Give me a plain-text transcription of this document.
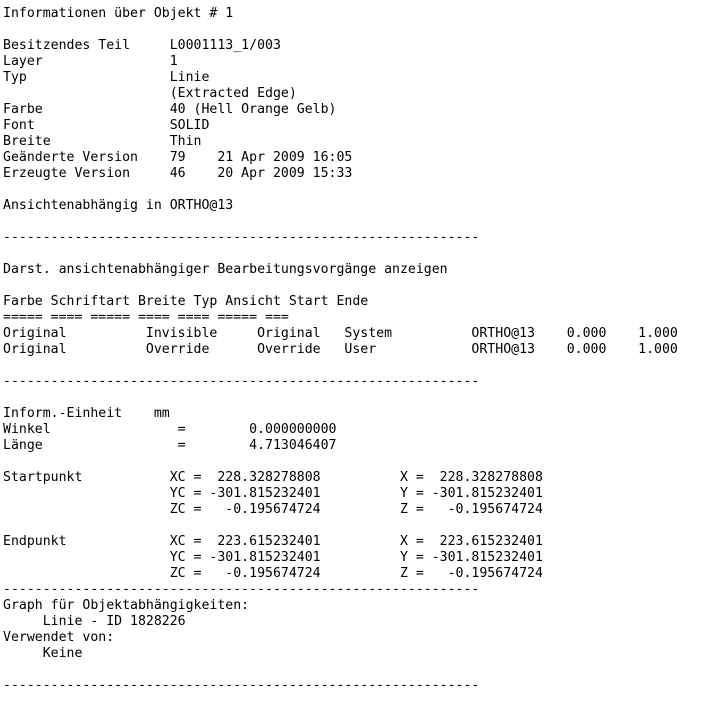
Informationen über Objekt # 1
Besitzendes Teil     L0001113_1/003
Layer                1
Typ                  Linie
(Extracted Edge)
Farbe                40 (Hell Orange Gelb)
Font                 SOLID
Breite               Thin
Geänderte Version    79    21 Apr 2009 16:05
Erzeugte Version     46    20 Apr 2009 15:33
Ansichtenabhängig in ORTHO@13
------------------------------------------------------------
Darst. ansichtenabhängiger Bearbeitungsvorgänge anzeigen
Farbe Schriftart Breite Typ Ansicht Start Ende
===== ==== ===== ==== ==== ===== ===
Original          Invisible     Original   System          ORTHO@13    0.000    1.000
Original          Override      Override   User            ORTHO@13    0.000    1.000
------------------------------------------------------------
Inform.-Einheit    mm
Winkel                =        0.000000000
Länge                 =        4.713046407
Startpunkt           XC =  228.328278808          X =  228.328278808
YC = -301.815232401          Y = -301.815232401
ZC =   -0.195674724          Z =   -0.195674724
Endpunkt             XC =  223.615232401          X =  223.615232401
YC = -301.815232401          Y = -301.815232401
ZC =   -0.195674724          Z =   -0.195674724
------------------------------------------------------------
Graph für Objektabhängigkeiten:
Linie - ID 1828226
Verwendet von:
Keine
------------------------------------------------------------
